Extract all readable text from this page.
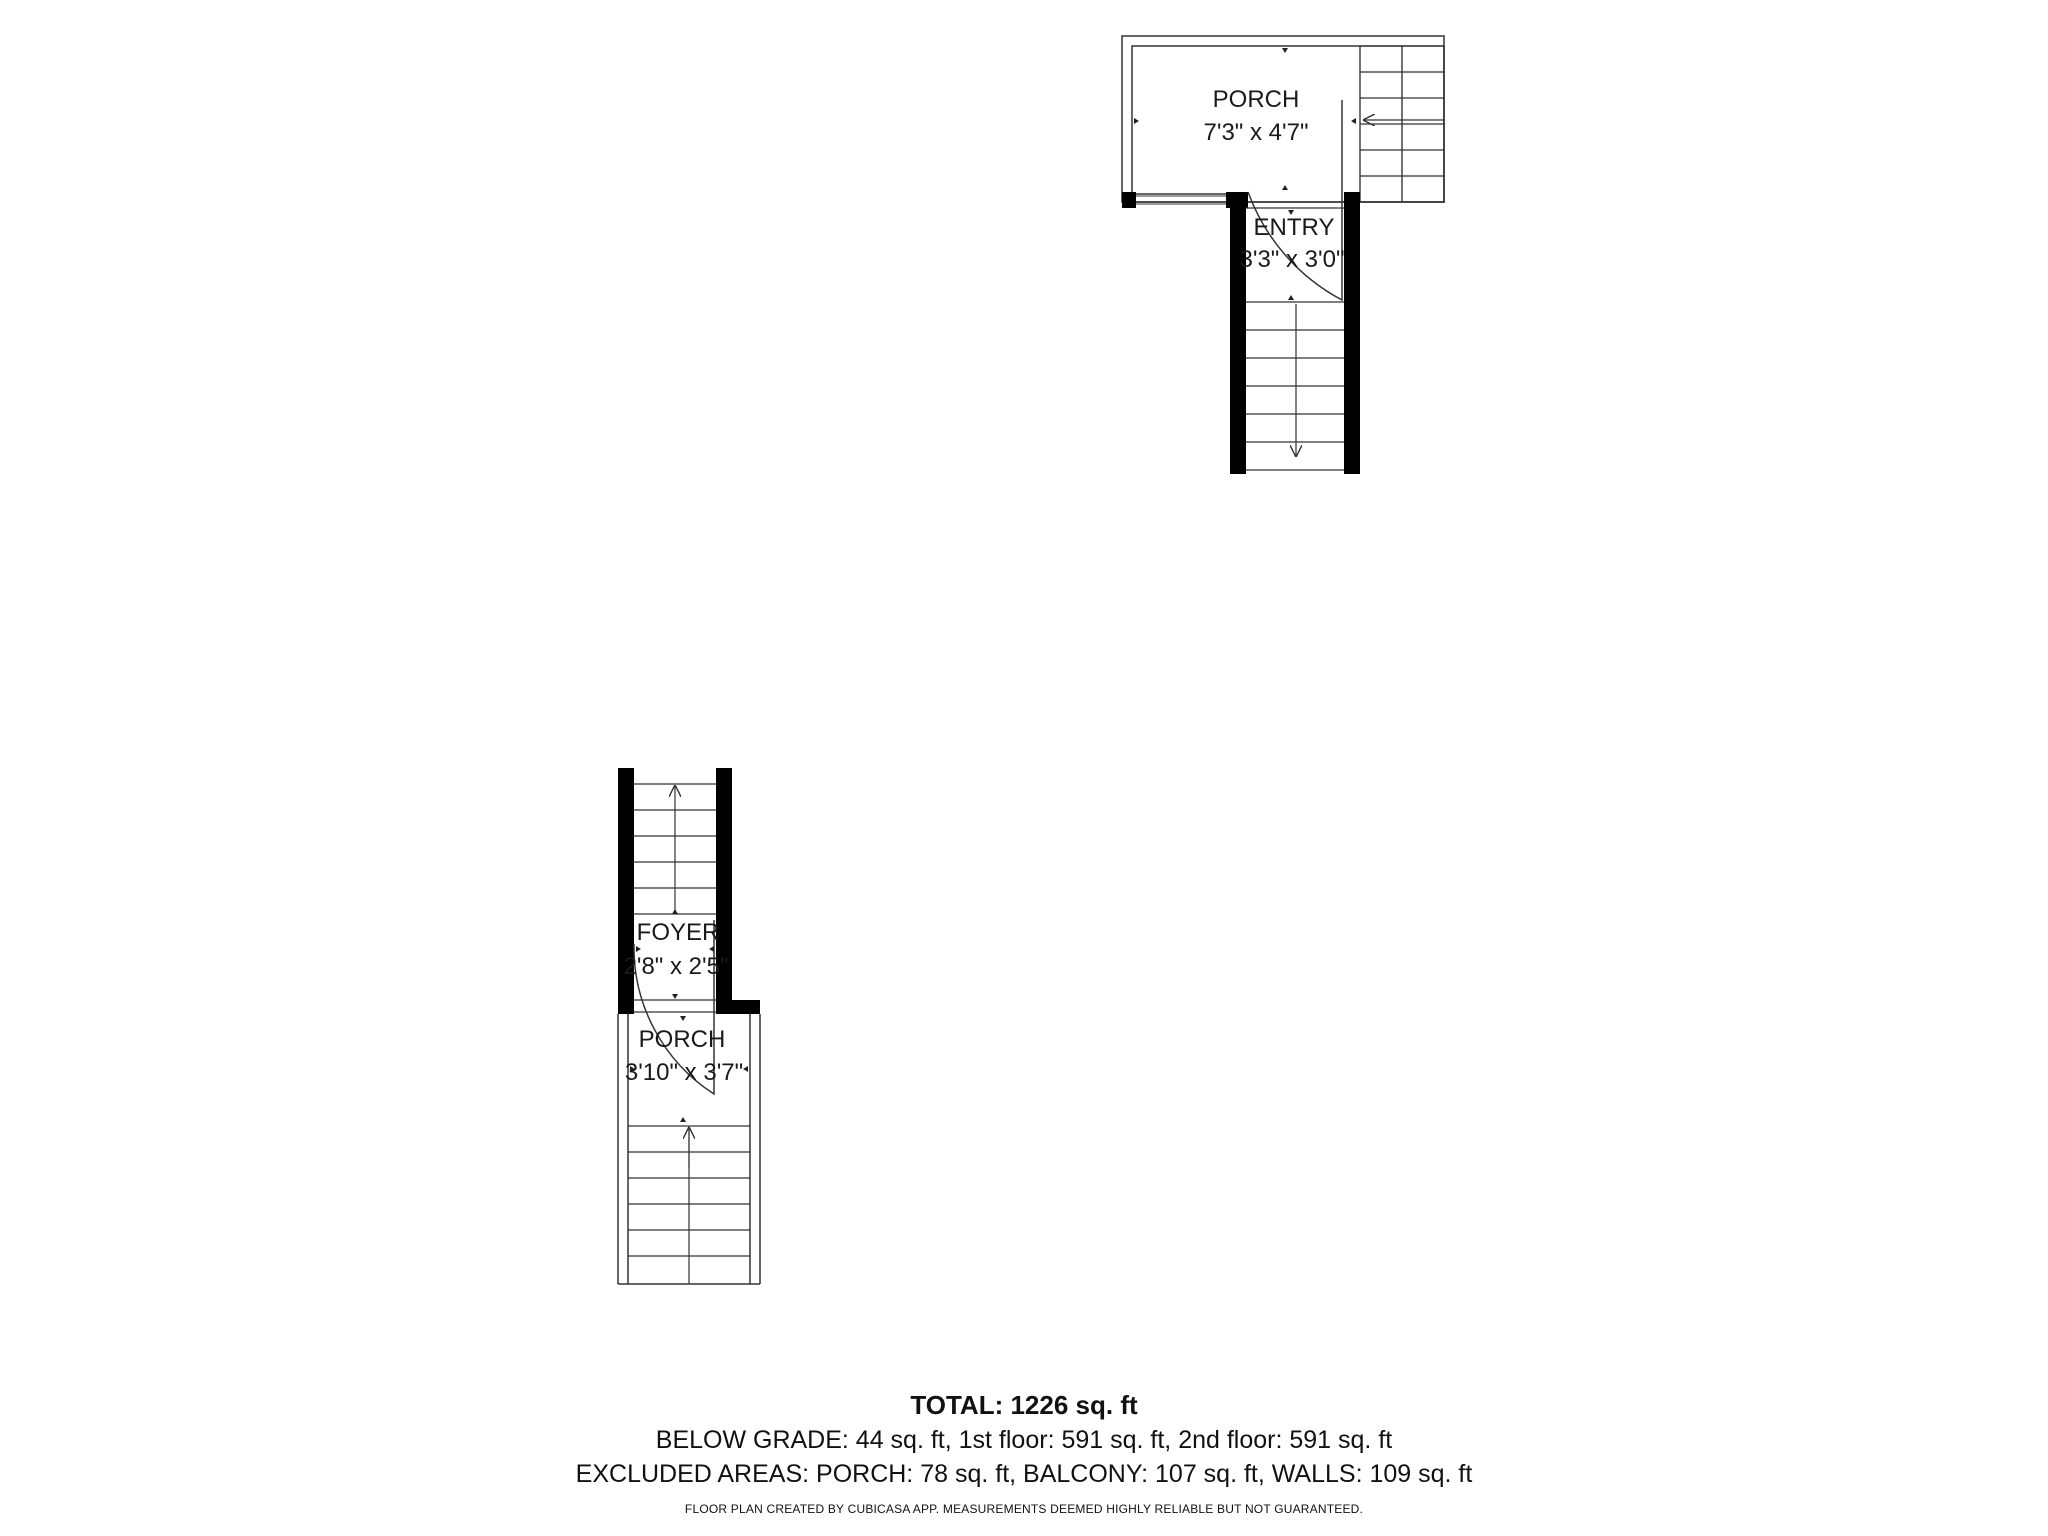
PORCH
7'3" x 4'7"
ENTRY
3'3" x 3'0"
FOYER
2'8" x 2'5"
PORCH
3'10" x 3'7"
TOTAL: 1226 sq. ft
BELOW GRADE: 44 sq. ft, 1st floor: 591 sq. ft, 2nd floor: 591 sq. ft
EXCLUDED AREAS: PORCH: 78 sq. ft, BALCONY: 107 sq. ft, WALLS: 109 sq. ft
FLOOR PLAN CREATED BY CUBICASA APP. MEASUREMENTS DEEMED HIGHLY RELIABLE BUT NOT GUARANTEED.
